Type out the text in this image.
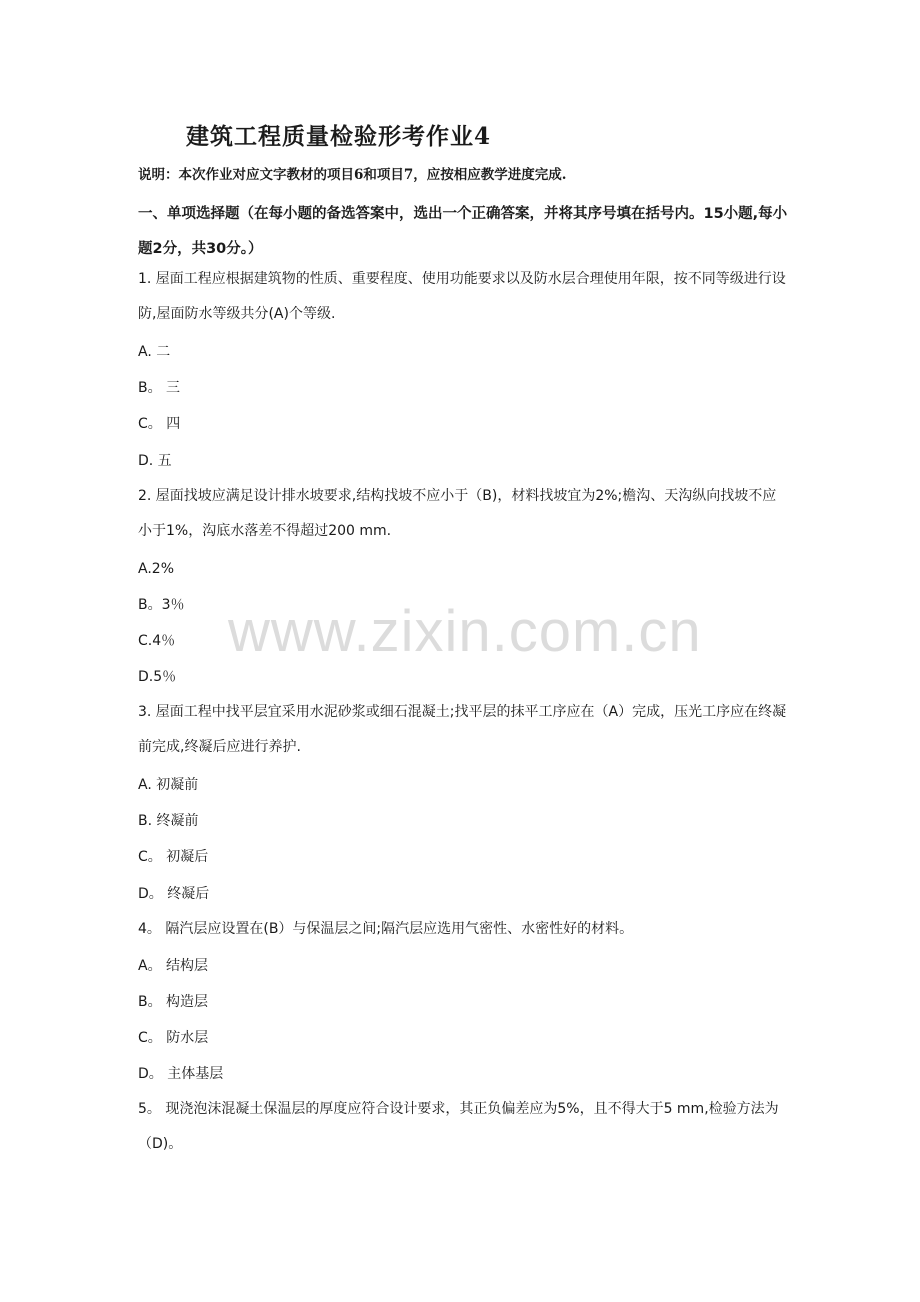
建筑工程质量检验形考作业4
说明：本次作业对应文字教材的项目6和项目7，应按相应教学进度完成.
一、单项选择题（在每小题的备选答案中，选出一个正确答案，并将其序号填在括号内。15小题,每小题2分，共30分。）
1. 屋面工程应根据建筑物的性质、重要程度、使用功能要求以及防水层合理使用年限，按不同等级进行设防,屋面防水等级共分(A)个等级.
A. 二
B。 三
C。 四
D. 五
2. 屋面找坡应满足设计排水坡要求,结构找坡不应小于（B)，材料找坡宜为2%;檐沟、天沟纵向找坡不应小于1%，沟底水落差不得超过200 mm.
A.2%
B。3％
C.4％
D.5％
3. 屋面工程中找平层宜采用水泥砂浆或细石混凝土;找平层的抹平工序应在（A）完成，压光工序应在终凝前完成,终凝后应进行养护.
A. 初凝前
B. 终凝前
C。 初凝后
D。 终凝后
4。 隔汽层应设置在(B）与保温层之间;隔汽层应选用气密性、水密性好的材料。
A。 结构层
B。 构造层
C。 防水层
D。 主体基层
5。 现浇泡沫混凝土保温层的厚度应符合设计要求，其正负偏差应为5%，且不得大于5 mm,检验方法为（D)。
www.zixin.com.cn
